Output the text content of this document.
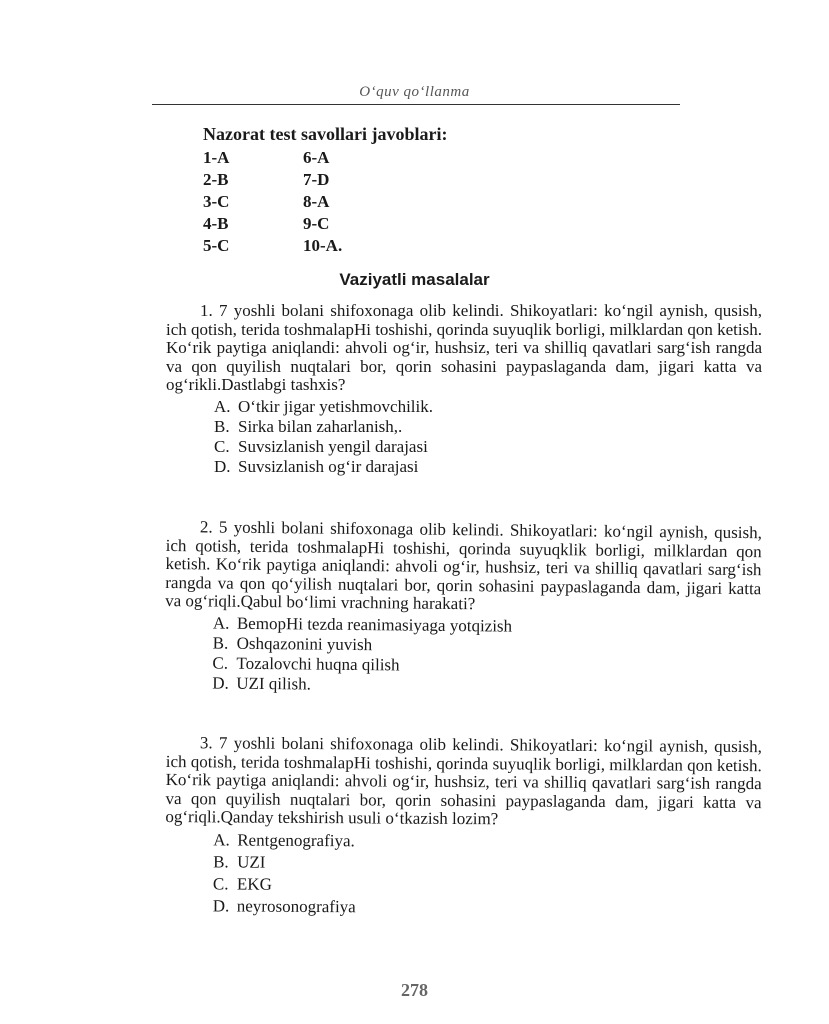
O‘quv qo‘llanma
Nazorat test savollari javoblari:
1-A	6-A
2-B	7-D
3-C	8-A
4-B	9-C
5-C	10-A.
Vaziyatli masalalar

1. 7 yoshli bolani shifoxonaga olib kelindi. Shikoyatlari: ko‘ngil aynish, qusish, ich qotish, terida toshmalapHi toshishi, qorinda suyuqlik borligi, milklardan qon ketish. Ko‘rik paytiga aniqlandi: ahvoli og‘ir, hushsiz, teri va shilliq qavatlari sarg‘ish rangda va qon quyilish nuqtalari bor, qorin sohasini paypaslaganda dam, jigari katta va og‘rikli.Dastlabgi tashxis?

A. O‘tkir jigar yetishmovchilik.
B. Sirka bilan zaharlanish,.
C. Suvsizlanish yengil darajasi
D. Suvsizlanish og‘ir darajasi

2. 5 yoshli bolani shifoxonaga olib kelindi. Shikoyatlari: ko‘ngil aynish, qusish, ich qotish, terida toshmalapHi toshishi, qorinda suyuqklik borligi, milklardan qon ketish. Ko‘rik paytiga aniqlandi: ahvoli og‘ir, hushsiz, teri va shilliq qavatlari sarg‘ish rangda va qon qo‘yilish nuqtalari bor, qorin sohasini paypaslaganda dam, jigari katta va og‘riqli.Qabul bo‘limi vrachning harakati?

A. BemopHi tezda reanimasiyaga yotqizish
B. Oshqazonini yuvish
C. Tozalovchi huqna qilish
D. UZI qilish.

3. 7 yoshli bolani shifoxonaga olib kelindi. Shikoyatlari: ko‘ngil aynish, qusish, ich qotish, terida toshmalapHi toshishi, qorinda suyuqlik borligi, milklardan qon ketish. Ko‘rik paytiga aniqlandi: ahvoli og‘ir, hushsiz, teri va shilliq qavatlari sarg‘ish rangda va qon quyilish nuqtalari bor, qorin sohasini paypaslaganda dam, jigari katta va og‘riqli.Qanday tekshirish usuli o‘tkazish lozim?

A. Rentgenografiya.
B. UZI
C. EKG
D. neyrosonografiya
278
